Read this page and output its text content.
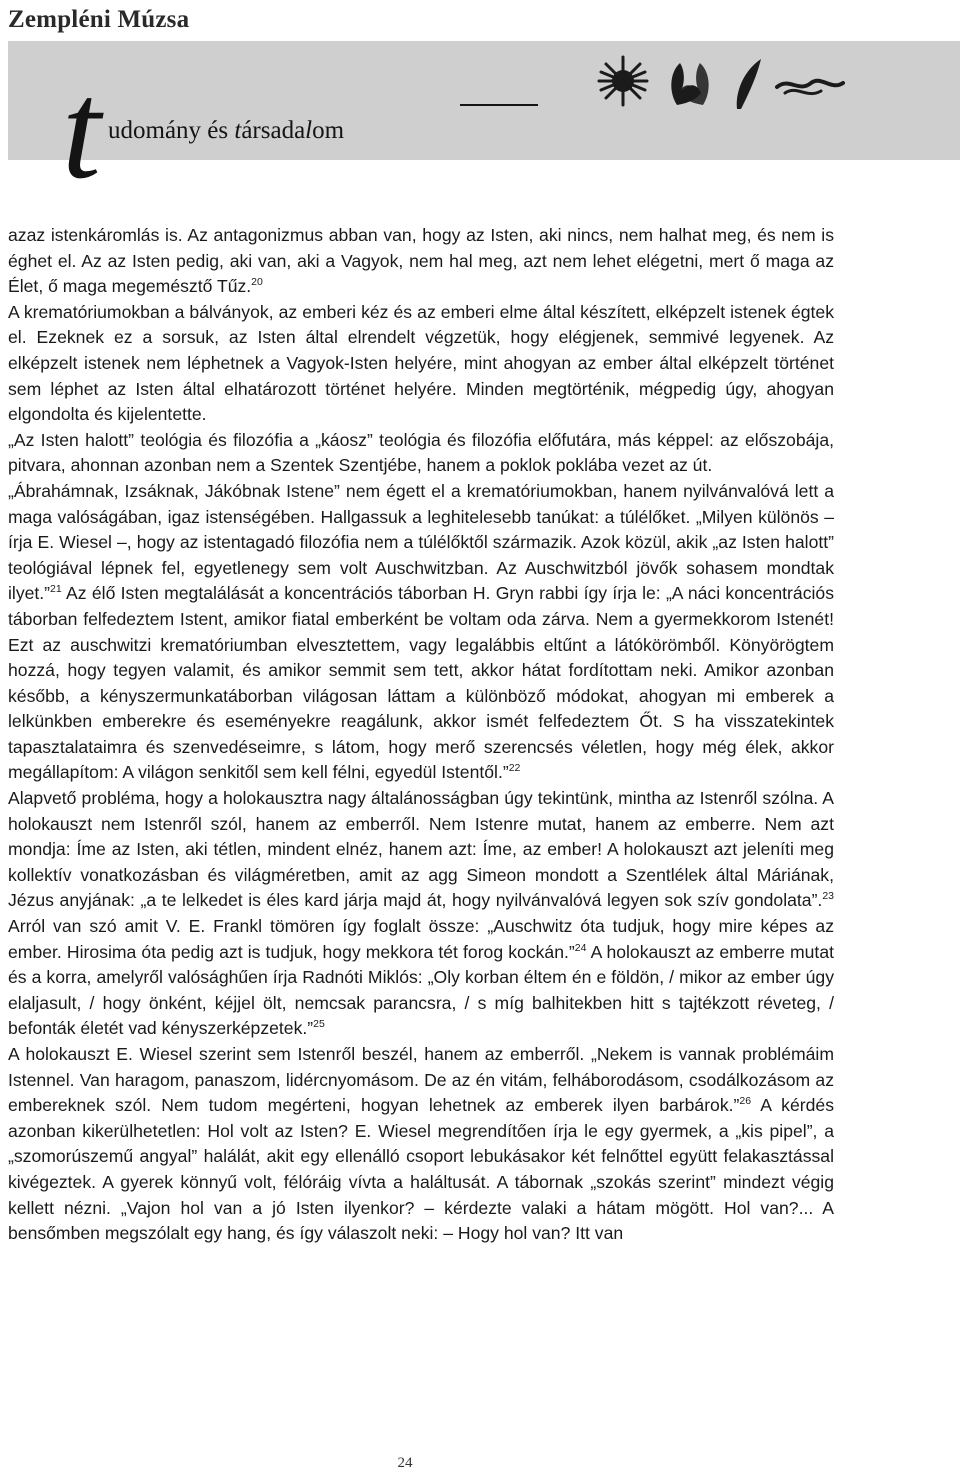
Zempléni Múzsa
t udomány és társadalom

azaz istenkáromlás is. Az antagonizmus abban van, hogy az Isten, aki nincs, nem halhat meg, és nem is éghet el. Az az Isten pedig, aki van, aki a Vagyok, nem hal meg, azt nem lehet elégetni, mert ő maga az Élet, ő maga megemésztő Tűz.$^{20}$

A krematóriumokban a bálványok, az emberi kéz és az emberi elme által készített, elképzelt istenek égtek el. Ezeknek ez a sorsuk, az Isten által elrendelt végzetük, hogy elégjenek, semmivé legyenek. Az elképzelt istenek nem léphetnek a Vagyok-Isten helyére, mint ahogyan az ember által elképzelt történet sem léphet az Isten által elhatározott történet helyére. Minden megtörténik, mégpedig úgy, ahogyan elgondolta és kijelentette.

„Az Isten halott” teológia és filozófia a „káosz” teológia és filozófia előfutára, más képpel: az előszobája, pitvara, ahonnan azonban nem a Szentek Szentjébe, hanem a poklok poklába vezet az út.

„Ábrahámnak, Izsáknak, Jákóbnak Istene” nem égett el a krematóriumokban, hanem nyilvánvalóvá lett a maga valóságában, igaz istenségében. Hallgassuk a leghitelesebb tanúkat: a túlélőket. „Milyen különös – írja E. Wiesel –, hogy az istentagadó filozófia nem a túlélőktől származik. Azok közül, akik „az Isten halott” teológiával lépnek fel, egyetlenegy sem volt Auschwitzban. Az Auschwitzból jövők sohasem mondtak ilyet.”$^{21}$ Az élő Isten megtalálását a koncentrációs táborban H. Gryn rabbi így írja le: „A náci koncentrációs táborban felfedeztem Istent, amikor fiatal emberként be voltam oda zárva. Nem a gyermekkorom Istenét! Ezt az auschwitzi krematóriumban elvesztettem, vagy legalábbis eltűnt a látókörömből. Könyörögtem hozzá, hogy tegyen valamit, és amikor semmit sem tett, akkor hátat fordítottam neki. Amikor azonban később, a kényszermunkatáborban világosan láttam a különböző módokat, ahogyan mi emberek a lelkünkben emberekre és eseményekre reagálunk, akkor ismét felfedeztem Őt. S ha visszatekintek tapasztalataimra és szenvedéseimre, s látom, hogy merő szerencsés véletlen, hogy még élek, akkor megállapítom: A világon senkitől sem kell félni, egyedül Istentől.”$^{22}$

Alapvető probléma, hogy a holokausztra nagy általánosságban úgy tekintünk, mintha az Istenről szólna. A holokauszt nem Istenről szól, hanem az emberről. Nem Istenre mutat, hanem az emberre. Nem azt mondja: Íme az Isten, aki tétlen, mindent elnéz, hanem azt: Íme, az ember! A holokauszt azt jeleníti meg kollektív vonatkozásban és világméretben, amit az agg Simeon mondott a Szentlélek által Máriának, Jézus anyjának: „a te lelkedet is éles kard járja majd át, hogy nyilvánvalóvá legyen sok szív gondolata”.$^{23}$ Arról van szó amit V. E. Frankl tömören így foglalt össze: „Auschwitz óta tudjuk, hogy mire képes az ember. Hirosima óta pedig azt is tudjuk, hogy mekkora tét forog kockán.”$^{24}$ A holokauszt az emberre mutat és a korra, amelyről valósághűen írja Radnóti Miklós: „Oly korban éltem én e földön, / mikor az ember úgy elaljasult, / hogy önként, kéjjel ölt, nemcsak parancsra, / s míg balhitekben hitt s tajtékzott réveteg, / befonták életét vad kényszerképzetek.”$^{25}$

A holokauszt E. Wiesel szerint sem Istenről beszél, hanem az emberről. „Nekem is vannak problémáim Istennel. Van haragom, panaszom, lidércnyomásom. De az én vitám, felháborodásom, csodálkozásom az embereknek szól. Nem tudom megérteni, hogyan lehetnek az emberek ilyen barbárok.”$^{26}$ A kérdés azonban kikerülhetetlen: Hol volt az Isten? E. Wiesel megrendítően írja le egy gyermek, a „kis pipel”, a „szomorúszemű angyal” halálát, akit egy ellenálló csoport lebukásakor két felnőttel együtt felakasztással kivégeztek. A gyerek könnyű volt, félóráig vívta a haláltusát. A tábornak „szokás szerint” mindezt végig kellett nézni. „Vajon hol van a jó Isten ilyenkor? – kérdezte valaki a hátam mögött. Hol van?... A bensőmben megszólalt egy hang, és így válaszolt neki: – Hogy hol van? Itt van

24
